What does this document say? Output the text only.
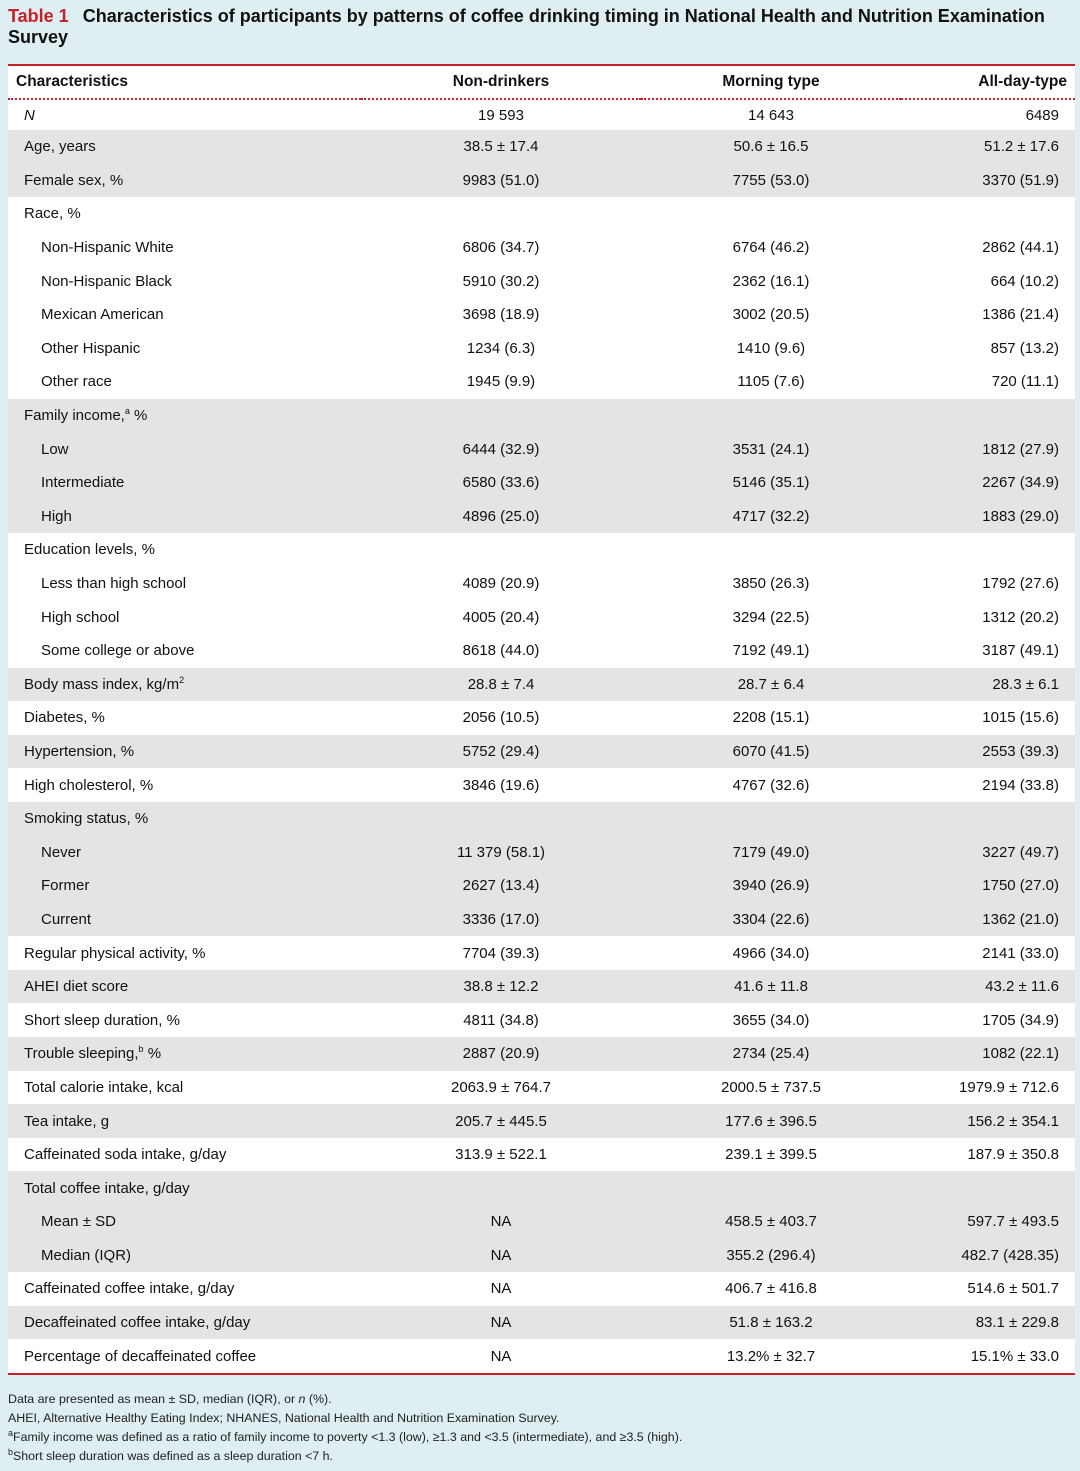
Table 1 Characteristics of participants by patterns of coffee drinking timing in National Health and Nutrition Examination Survey
Characteristics	Non-drinkers	Morning type	All-day-type
N	19 593	14 643	6489
Age, years	38.5 ± 17.4	50.6 ± 16.5	51.2 ± 17.6
Female sex, %	9983 (51.0)	7755 (53.0)	3370 (51.9)
Race, %			
Non-Hispanic White	6806 (34.7)	6764 (46.2)	2862 (44.1)
Non-Hispanic Black	5910 (30.2)	2362 (16.1)	664 (10.2)
Mexican American	3698 (18.9)	3002 (20.5)	1386 (21.4)
Other Hispanic	1234 (6.3)	1410 (9.6)	857 (13.2)
Other race	1945 (9.9)	1105 (7.6)	720 (11.1)
Family income,$^a$ %			
Low	6444 (32.9)	3531 (24.1)	1812 (27.9)
Intermediate	6580 (33.6)	5146 (35.1)	2267 (34.9)
High	4896 (25.0)	4717 (32.2)	1883 (29.0)
Education levels, %			
Less than high school	4089 (20.9)	3850 (26.3)	1792 (27.6)
High school	4005 (20.4)	3294 (22.5)	1312 (20.2)
Some college or above	8618 (44.0)	7192 (49.1)	3187 (49.1)
Body mass index, $kg/m^2$	28.8 ± 7.4	28.7 ± 6.4	28.3 ± 6.1
Diabetes, %	2056 (10.5)	2208 (15.1)	1015 (15.6)
Hypertension, %	5752 (29.4)	6070 (41.5)	2553 (39.3)
High cholesterol, %	3846 (19.6)	4767 (32.6)	2194 (33.8)
Smoking status, %			
Never	11 379 (58.1)	7179 (49.0)	3227 (49.7)
Former	2627 (13.4)	3940 (26.9)	1750 (27.0)
Current	3336 (17.0)	3304 (22.6)	1362 (21.0)
Regular physical activity, %	7704 (39.3)	4966 (34.0)	2141 (33.0)
AHEI diet score	38.8 ± 12.2	41.6 ± 11.8	43.2 ± 11.6
Short sleep duration, %	4811 (34.8)	3655 (34.0)	1705 (34.9)
Trouble sleeping,$^b$ %	2887 (20.9)	2734 (25.4)	1082 (22.1)
Total calorie intake, kcal	2063.9 ± 764.7	2000.5 ± 737.5	1979.9 ± 712.6
Tea intake, g	205.7 ± 445.5	177.6 ± 396.5	156.2 ± 354.1
Caffeinated soda intake, g/day	313.9 ± 522.1	239.1 ± 399.5	187.9 ± 350.8
Total coffee intake, g/day			
Mean ± SD	NA	458.5 ± 403.7	597.7 ± 493.5
Median (IQR)	NA	355.2 (296.4)	482.7 (428.35)
Caffeinated coffee intake, g/day	NA	406.7 ± 416.8	514.6 ± 501.7
Decaffeinated coffee intake, g/day	NA	51.8 ± 163.2	83.1 ± 229.8
Percentage of decaffeinated coffee	NA	13.2% ± 32.7	15.1% ± 33.0

Data are presented as mean ± SD, median (IQR), or n (%).

AHEI, Alternative Healthy Eating Index; NHANES, National Health and Nutrition Examination Survey.

$^a$Family income was defined as a ratio of family income to poverty <1.3 (low), ≥1.3 and <3.5 (intermediate), and ≥3.5 (high).

$^b$Short sleep duration was defined as a sleep duration <7 h.
